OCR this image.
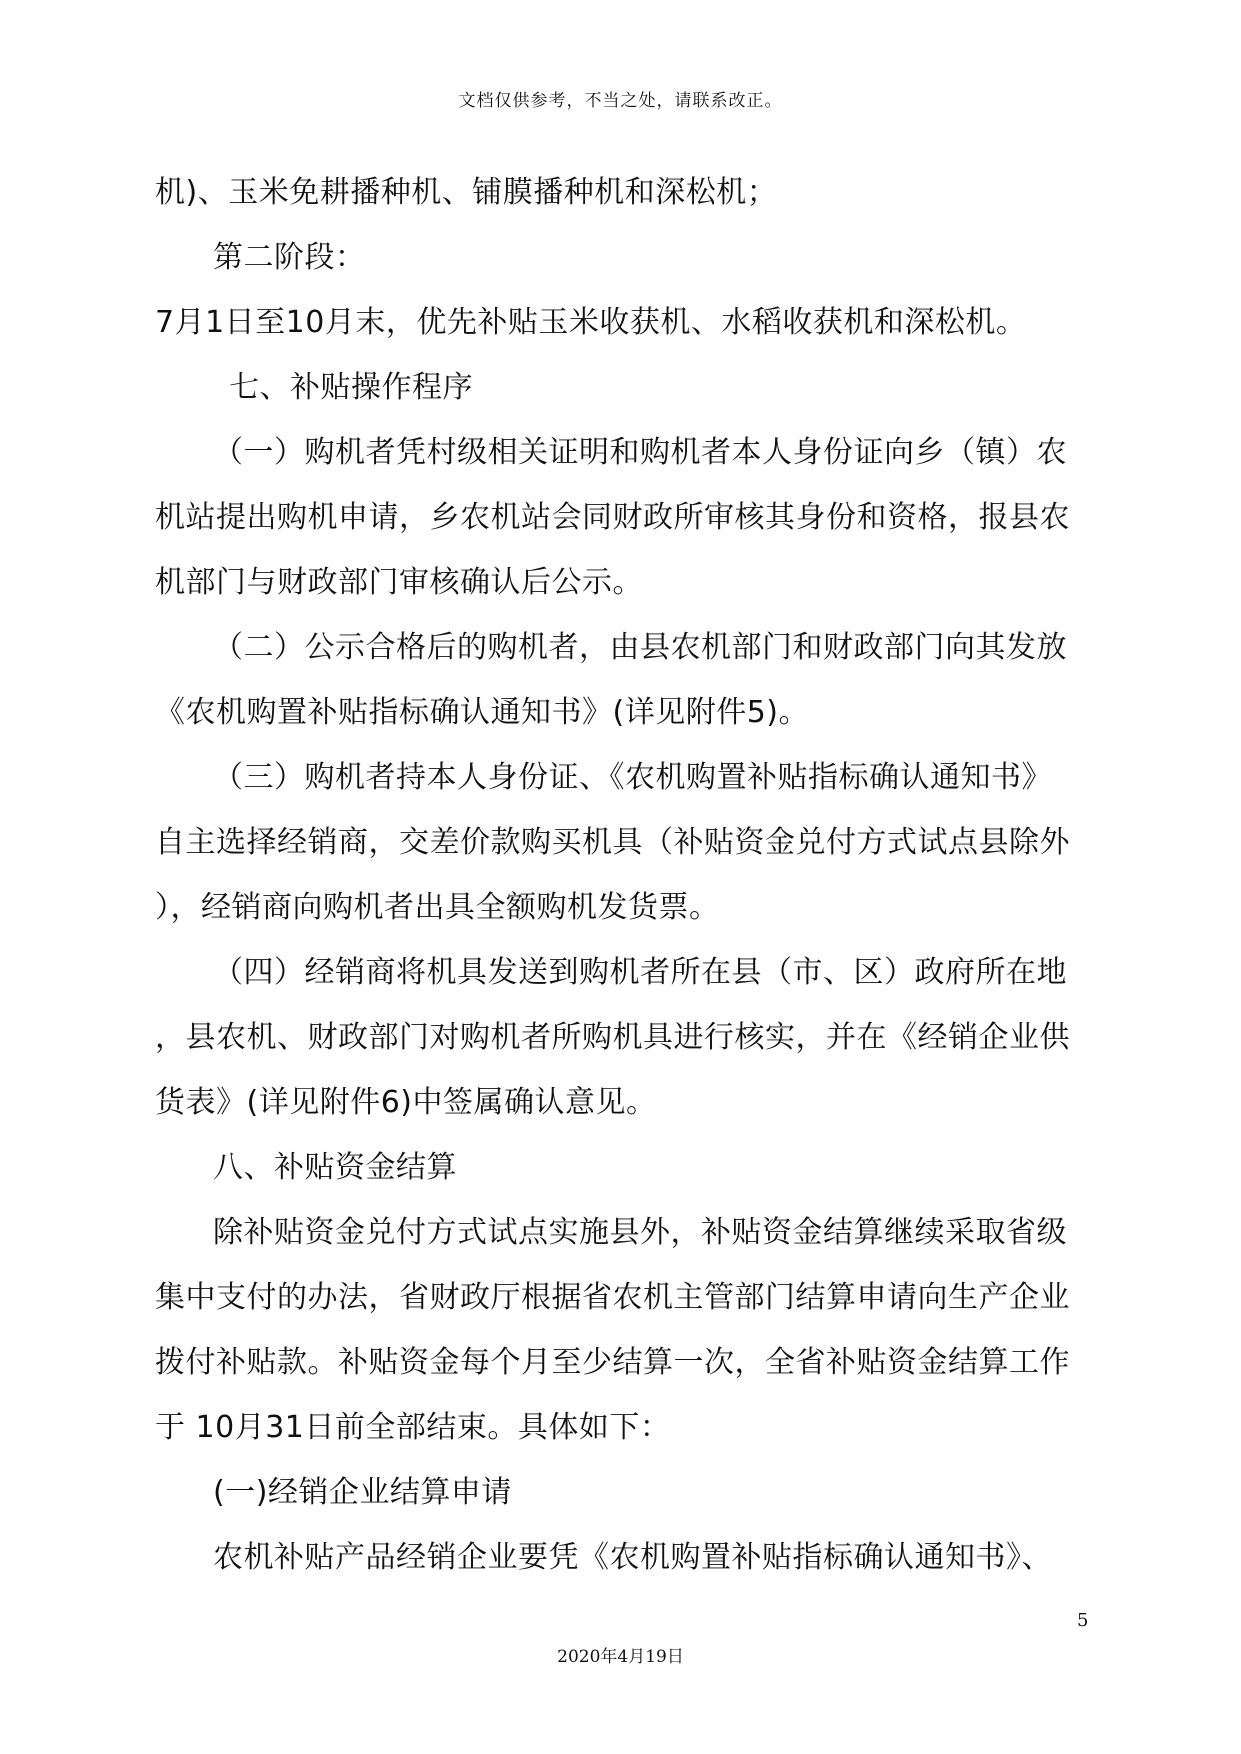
文档仅供参考，不当之处，请联系改正。
机)、玉米免耕播种机、铺膜播种机和深松机；
第二阶段：
7月1日至10月末，优先补贴玉米收获机、水稻收获机和深松机。
七、补贴操作程序
（一）购机者凭村级相关证明和购机者本人身份证向乡（镇）农
机站提出购机申请，乡农机站会同财政所审核其身份和资格，报县农
机部门与财政部门审核确认后公示。
（二）公示合格后的购机者，由县农机部门和财政部门向其发放
《农机购置补贴指标确认通知书》(详见附件5)。
（三）购机者持本人身份证、《农机购置补贴指标确认通知书》
自主选择经销商，交差价款购买机具（补贴资金兑付方式试点县除外
），经销商向购机者出具全额购机发货票。
（四）经销商将机具发送到购机者所在县（市、区）政府所在地
，县农机、财政部门对购机者所购机具进行核实，并在《经销企业供
货表》(详见附件6)中签属确认意见。
八、补贴资金结算
除补贴资金兑付方式试点实施县外，补贴资金结算继续采取省级
集中支付的办法，省财政厅根据省农机主管部门结算申请向生产企业
拨付补贴款。补贴资金每个月至少结算一次，全省补贴资金结算工作
于 10月31日前全部结束。具体如下：
(一)经销企业结算申请
农机补贴产品经销企业要凭《农机购置补贴指标确认通知书》、
5
2020年4月19日
